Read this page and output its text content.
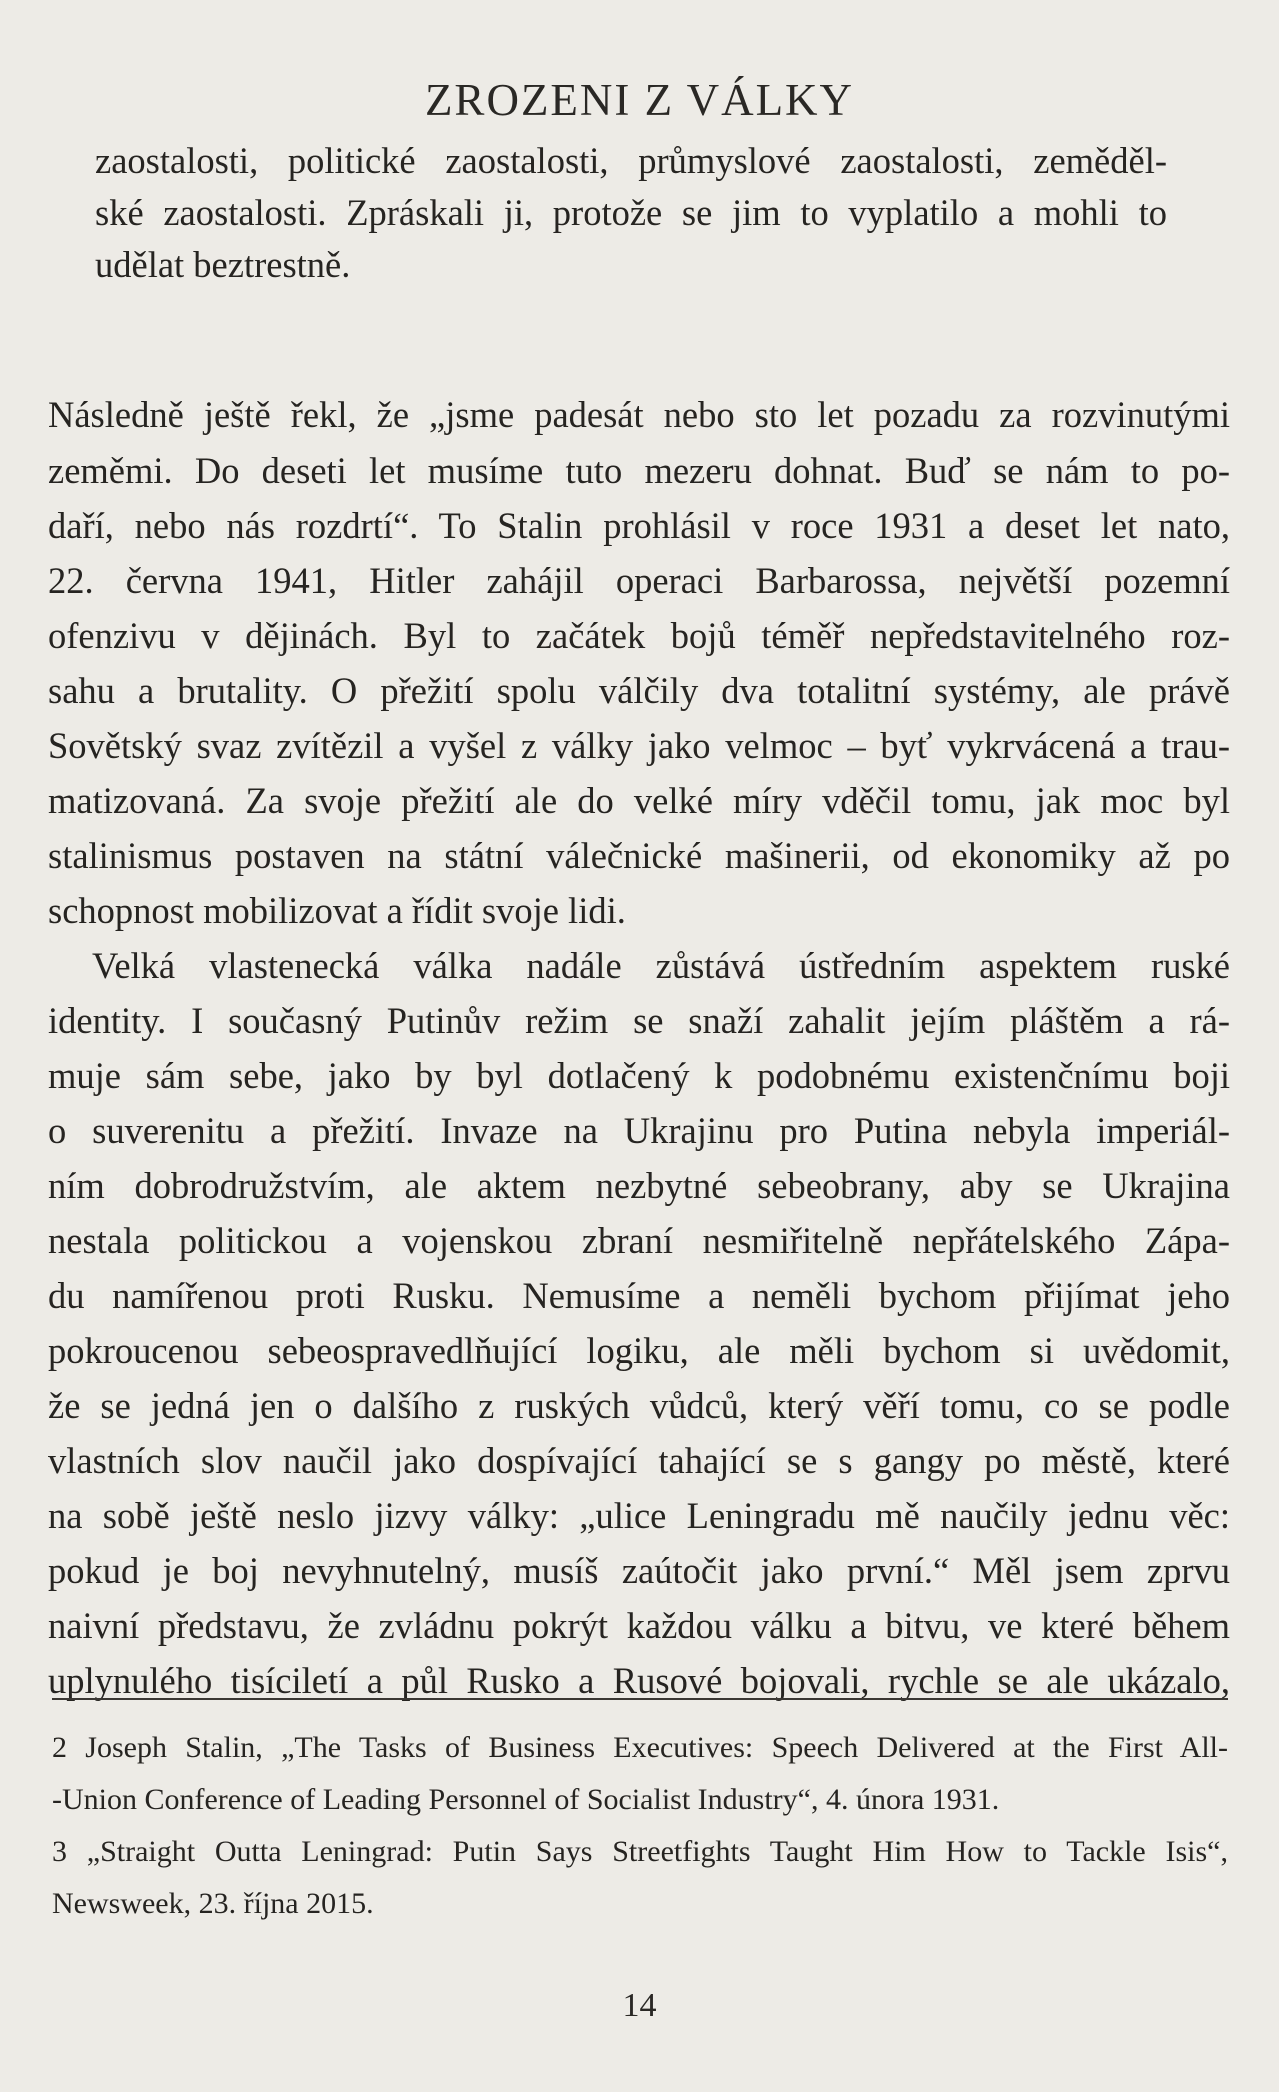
ZROZENI Z VÁLKY
zaostalosti, politické zaostalosti, průmyslové zaostalosti, zeměděl-
ské zaostalosti. Zpráskali ji, protože se jim to vyplatilo a mohli to
udělat beztrestně.
Následně ještě řekl, že „jsme padesát nebo sto let pozadu za rozvinutými
zeměmi. Do deseti let musíme tuto mezeru dohnat. Buď se nám to po-
daří, nebo nás rozdrtí“. To Stalin prohlásil v roce 1931 a deset let nato,
22. června 1941, Hitler zahájil operaci Barbarossa, největší pozemní
ofenzivu v dějinách. Byl to začátek bojů téměř nepředstavitelného roz-
sahu a brutality. O přežití spolu válčily dva totalitní systémy, ale právě
Sovětský svaz zvítězil a vyšel z války jako velmoc – byť vykrvácená a trau-
matizovaná. Za svoje přežití ale do velké míry vděčil tomu, jak moc byl
stalinismus postaven na státní válečnické mašinerii, od ekonomiky až po
schopnost mobilizovat a řídit svoje lidi.
Velká vlastenecká válka nadále zůstává ústředním aspektem ruské
identity. I současný Putinův režim se snaží zahalit jejím pláštěm a rá-
muje sám sebe, jako by byl dotlačený k podobnému existenčnímu boji
o suverenitu a přežití. Invaze na Ukrajinu pro Putina nebyla imperiál-
ním dobrodružstvím, ale aktem nezbytné sebeobrany, aby se Ukrajina
nestala politickou a vojenskou zbraní nesmiřitelně nepřátelského Zápa-
du namířenou proti Rusku. Nemusíme a neměli bychom přijímat jeho
pokroucenou sebeospravedlňující logiku, ale měli bychom si uvědomit,
že se jedná jen o dalšího z ruských vůdců, který věří tomu, co se podle
vlastních slov naučil jako dospívající tahající se s gangy po městě, které
na sobě ještě neslo jizvy války: „ulice Leningradu mě naučily jednu věc:
pokud je boj nevyhnutelný, musíš zaútočit jako první.“ Měl jsem zprvu
naivní představu, že zvládnu pokrýt každou válku a bitvu, ve které během
uplynulého tisíciletí a půl Rusko a Rusové bojovali, rychle se ale ukázalo,
2 Joseph Stalin, „The Tasks of Business Executives: Speech Delivered at the First All-
-Union Conference of Leading Personnel of Socialist Industry“, 4. února 1931.
3 „Straight Outta Leningrad: Putin Says Streetfights Taught Him How to Tackle Isis“,
Newsweek, 23. října 2015.
14
